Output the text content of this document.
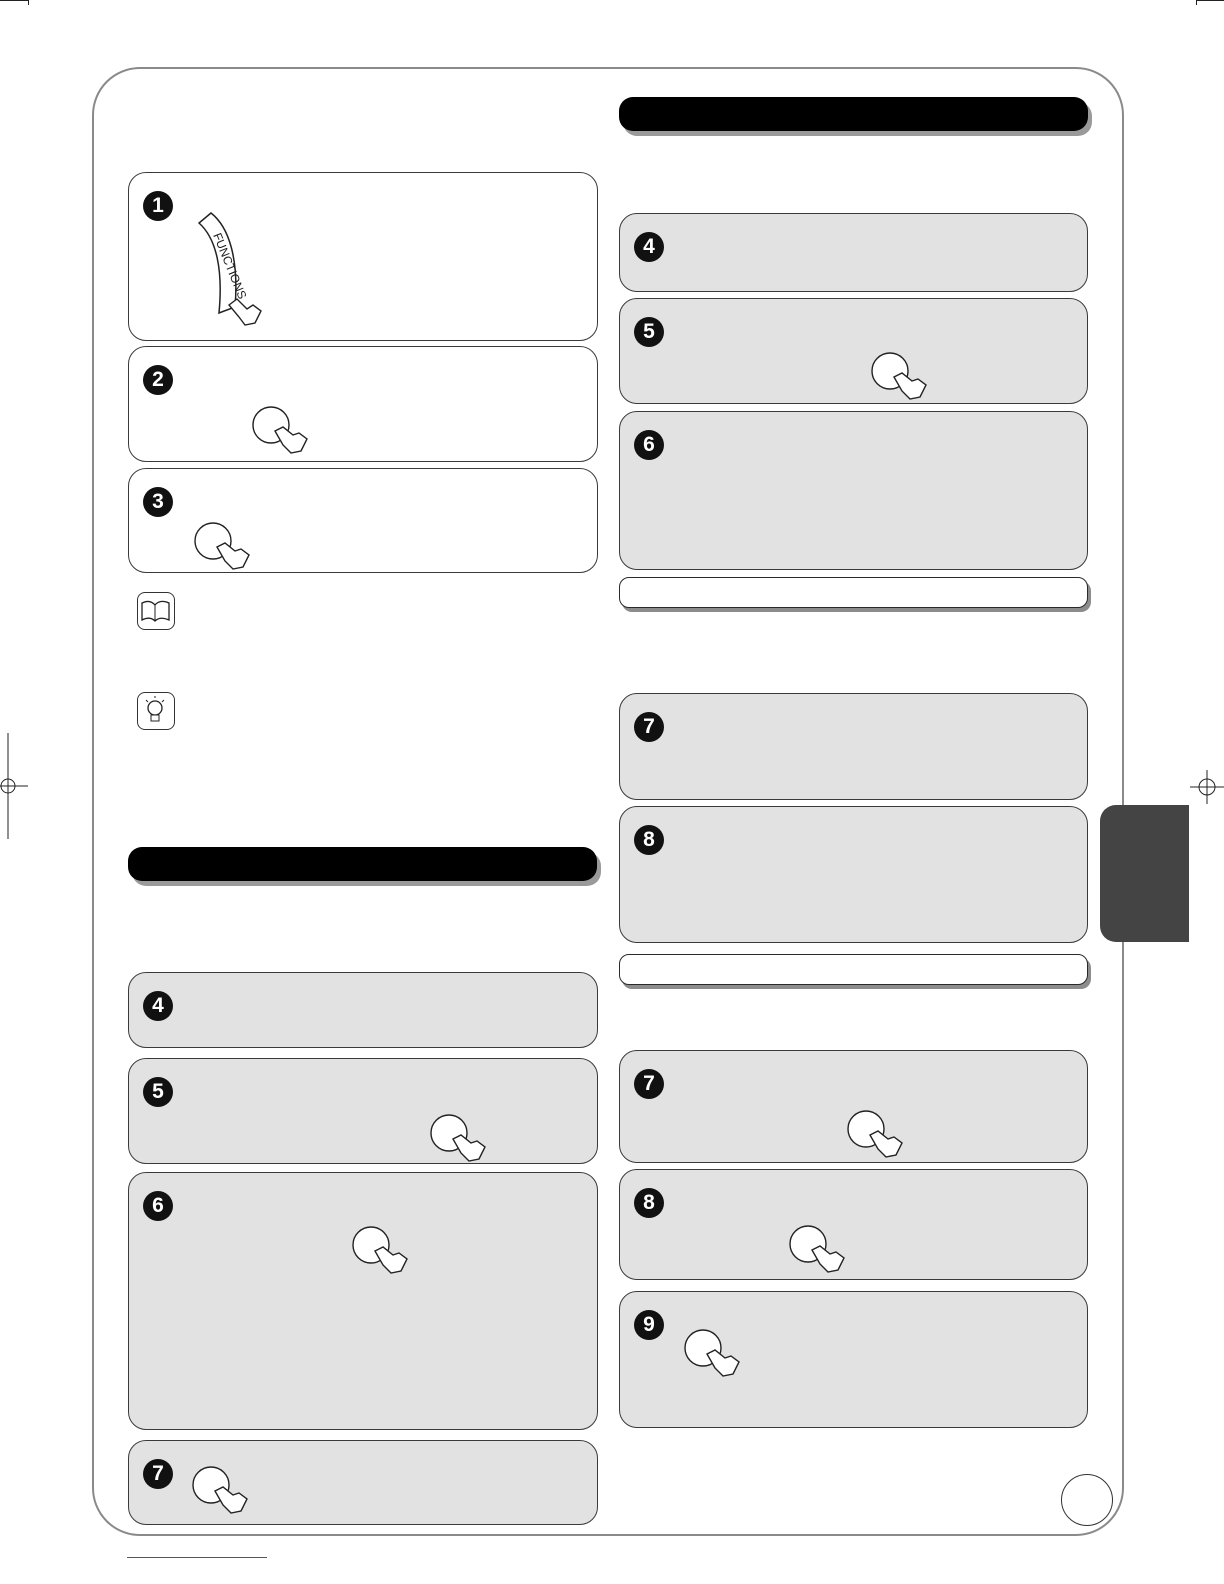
1
FUNCTIONS
2
3
4
5
6
7
4
5
6
7
8
7
8
9
